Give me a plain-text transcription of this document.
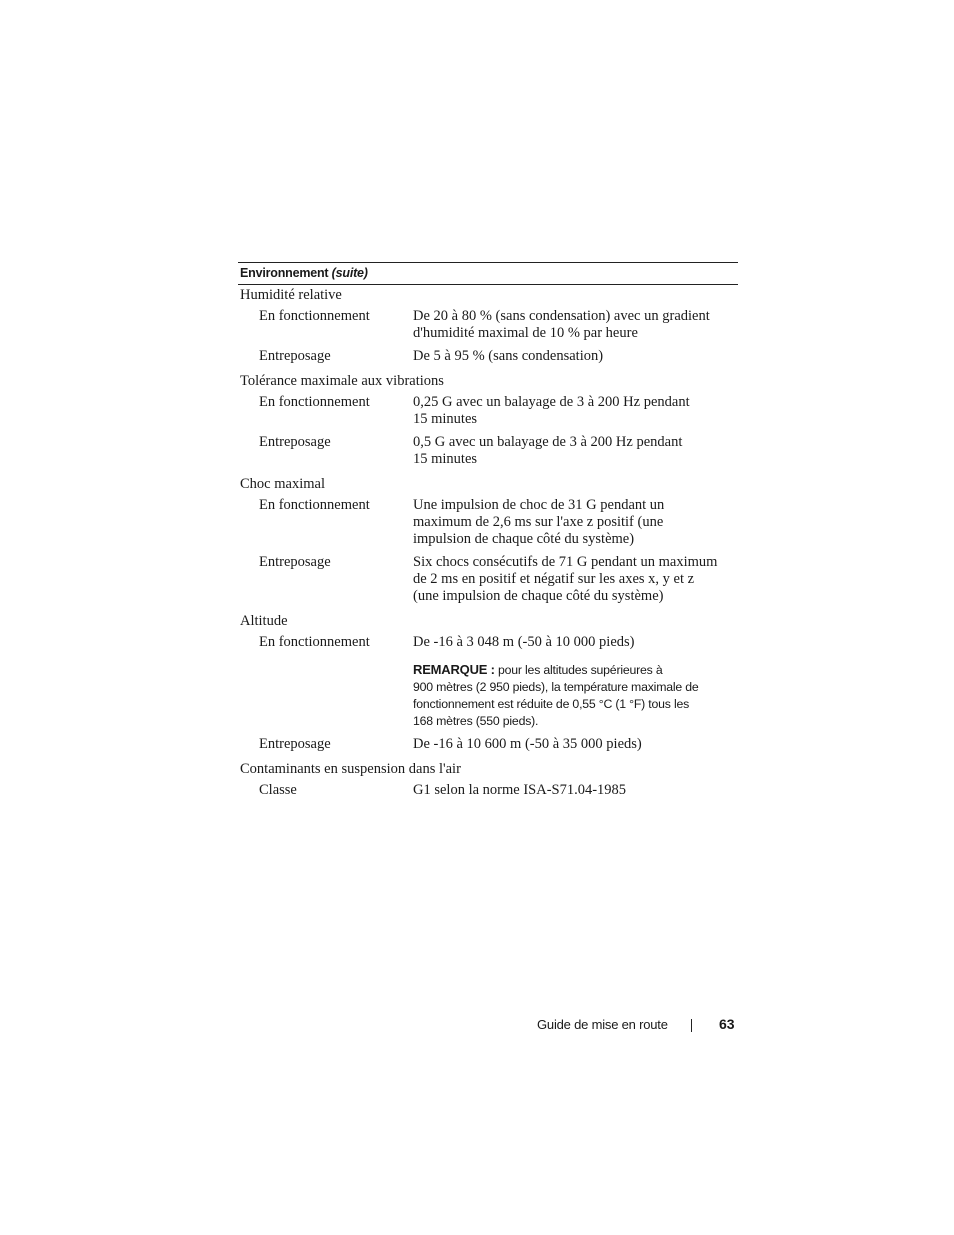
Environnement (suite)
Humidité relative
En fonctionnement	De 20 à 80 % (sans condensation) avec un gradient d'humidité maximal de 10 % par heure
Entreposage	De 5 à 95 % (sans condensation)
Tolérance maximale aux vibrations
En fonctionnement	0,25 G avec un balayage de 3 à 200 Hz pendant
15 minutes
Entreposage	0,5 G avec un balayage de 3 à 200 Hz pendant
15 minutes
Choc maximal
En fonctionnement	Une impulsion de choc de 31 G pendant un maximum de 2,6 ms sur l'axe z positif (une impulsion de chaque côté du système)
Entreposage	Six chocs consécutifs de 71 G pendant un maximum de 2 ms en positif et négatif sur les axes x, y et z (une impulsion de chaque côté du système)
Altitude
En fonctionnement	De -16 à 3 048 m (-50 à 10 000 pieds)
REMARQUE : pour les altitudes supérieures à
900 mètres (2 950 pieds), la température maximale de
fonctionnement est réduite de 0,55 °C (1 °F) tous les
168 mètres (550 pieds).
Entreposage	De -16 à 10 600 m (-50 à 35 000 pieds)
Contaminants en suspension dans l'air
Classe	G1 selon la norme ISA-S71.04-1985
Guide de mise en route	63
